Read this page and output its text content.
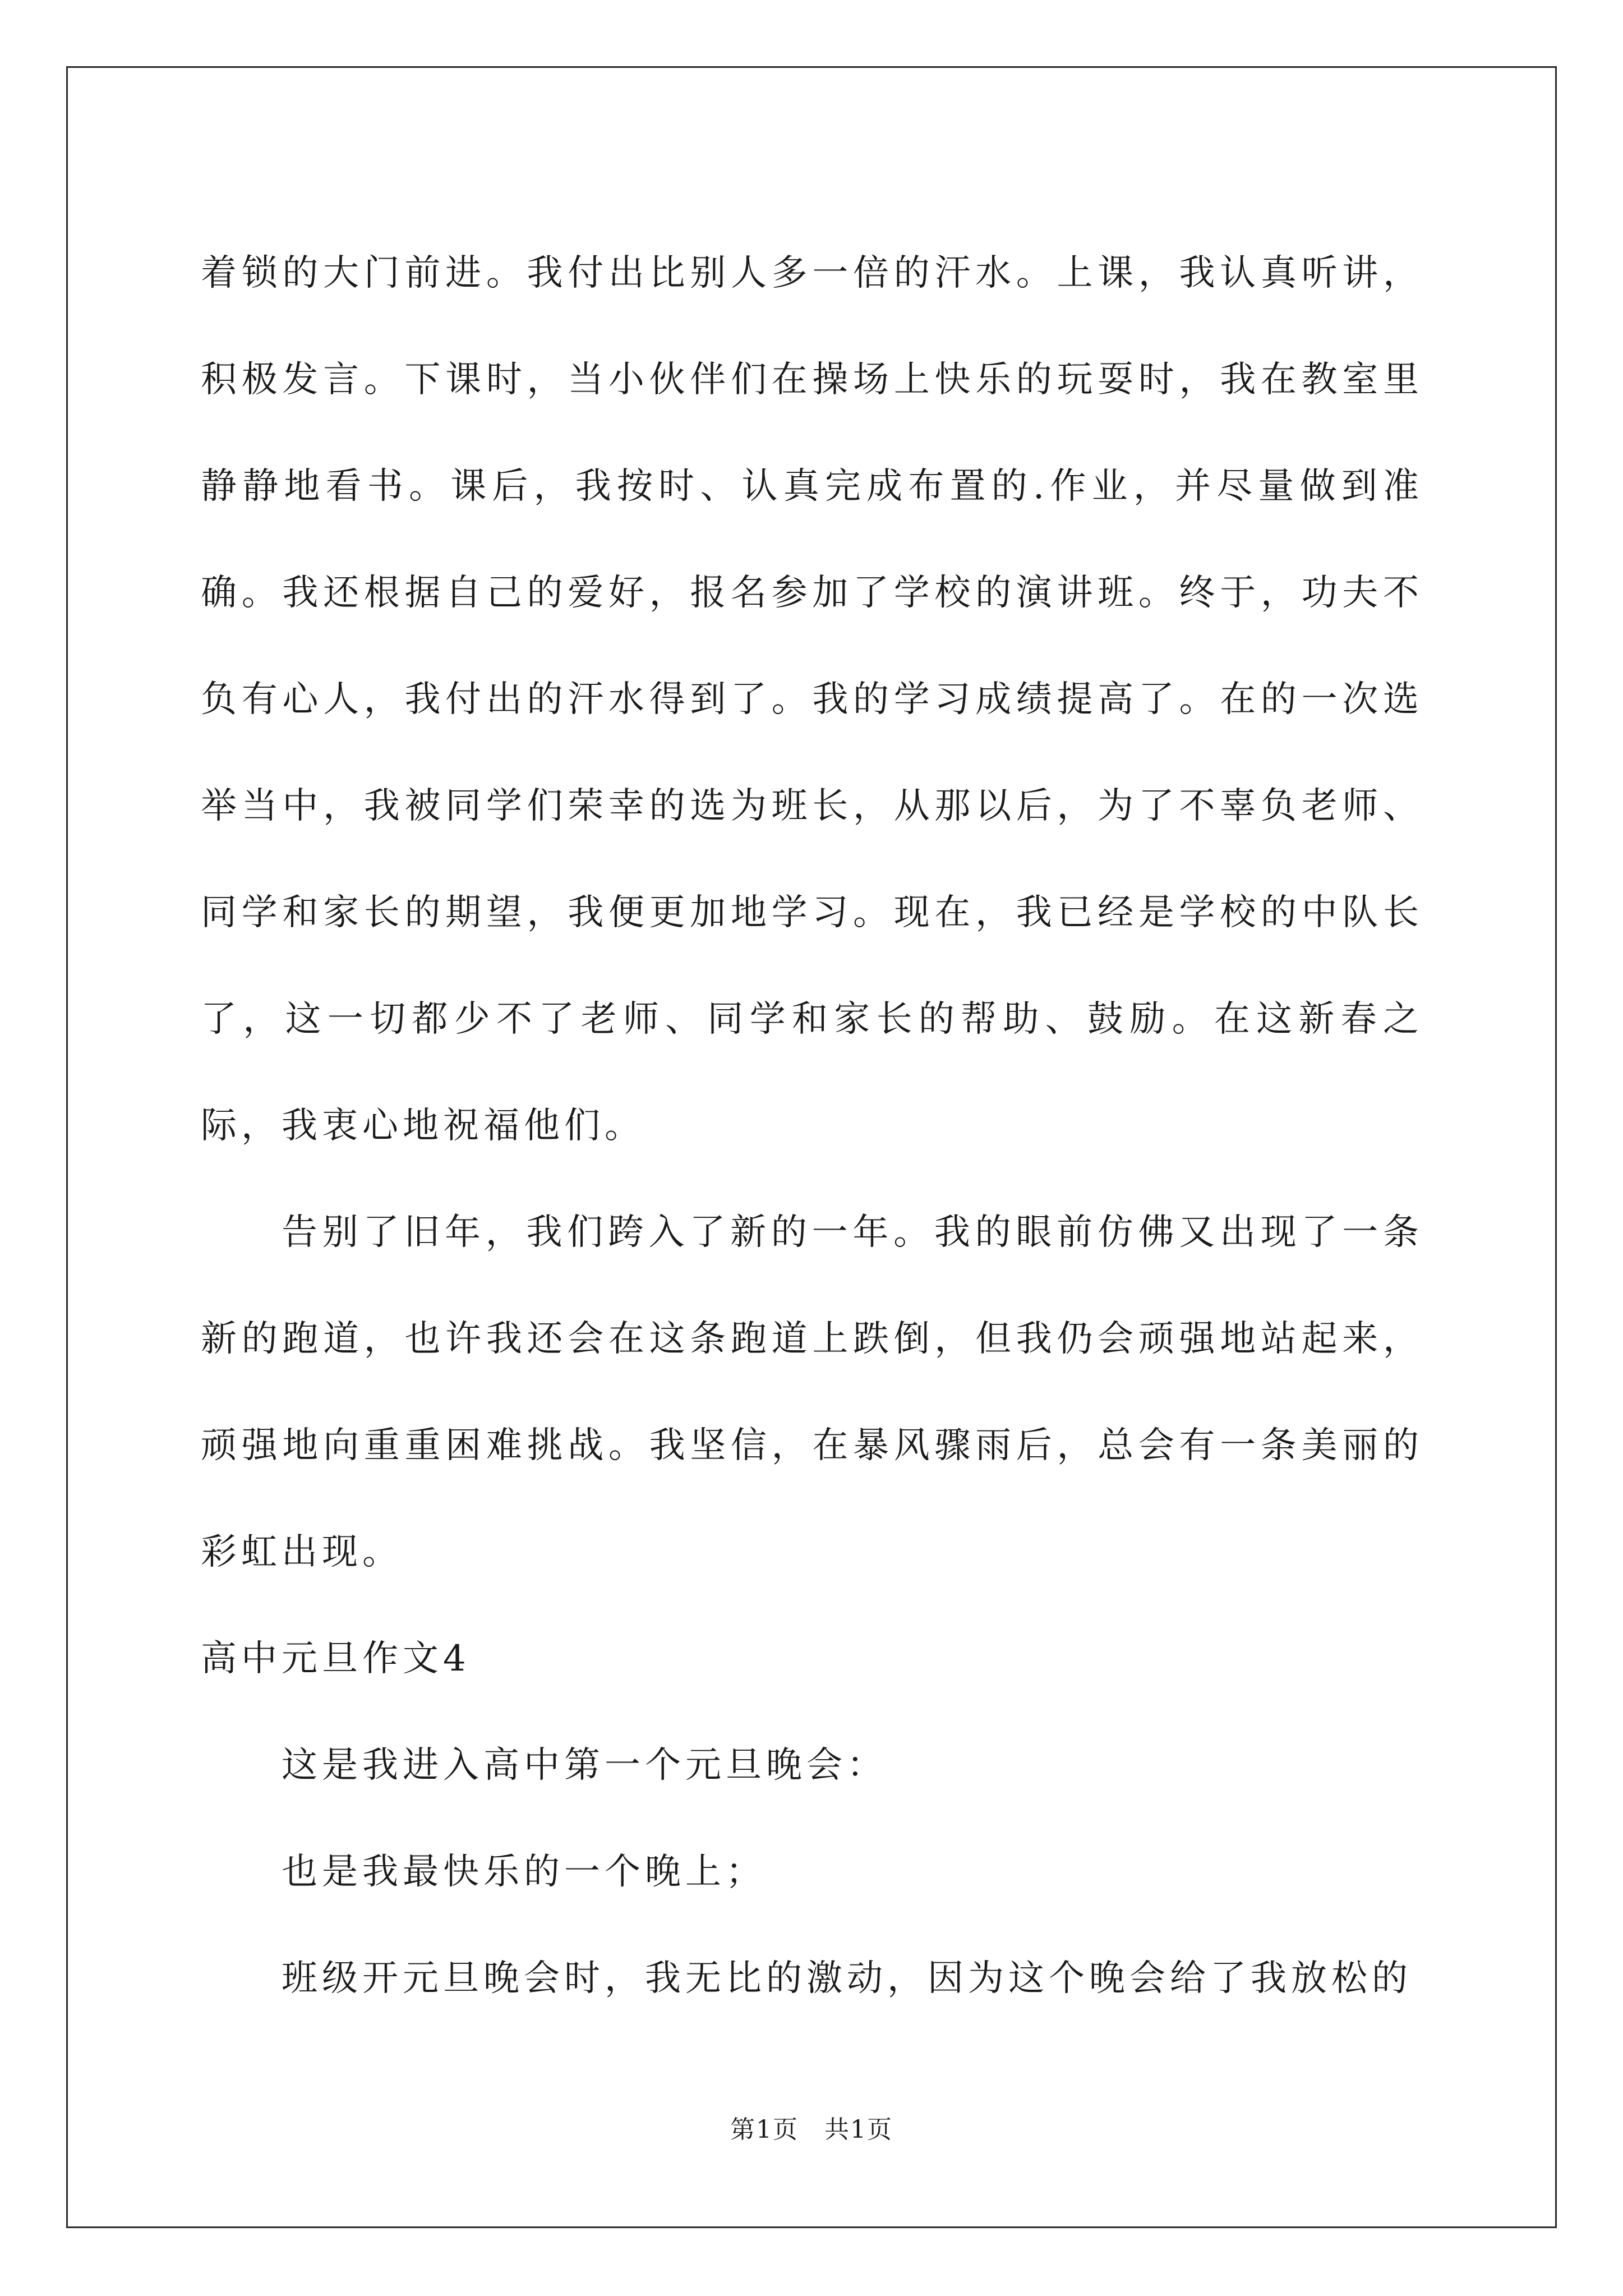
着锁的大门前进。我付出比别人多一倍的汗水。上课，我认真听讲，积极发言。下课时，当小伙伴们在操场上快乐的玩耍时，我在教室里静静地看书。课后，我按时、认真完成布置的.作业，并尽量做到准确。我还根据自己的爱好，报名参加了学校的演讲班。终于，功夫不负有心人，我付出的汗水得到了。我的学习成绩提高了。在的一次选举当中，我被同学们荣幸的选为班长，从那以后，为了不辜负老师、同学和家长的期望，我便更加地学习。现在，我已经是学校的中队长了，这一切都少不了老师、同学和家长的帮助、鼓励。在这新春之际，我衷心地祝福他们。

告别了旧年，我们跨入了新的一年。我的眼前仿佛又出现了一条新的跑道，也许我还会在这条跑道上跌倒，但我仍会顽强地站起来，顽强地向重重困难挑战。我坚信，在暴风骤雨后，总会有一条美丽的彩虹出现。

高中元旦作文4

这是我进入高中第一个元旦晚会：

也是我最快乐的一个晚上；

班级开元旦晚会时，我无比的激动，因为这个晚会给了我放松的

第1页 共1页
